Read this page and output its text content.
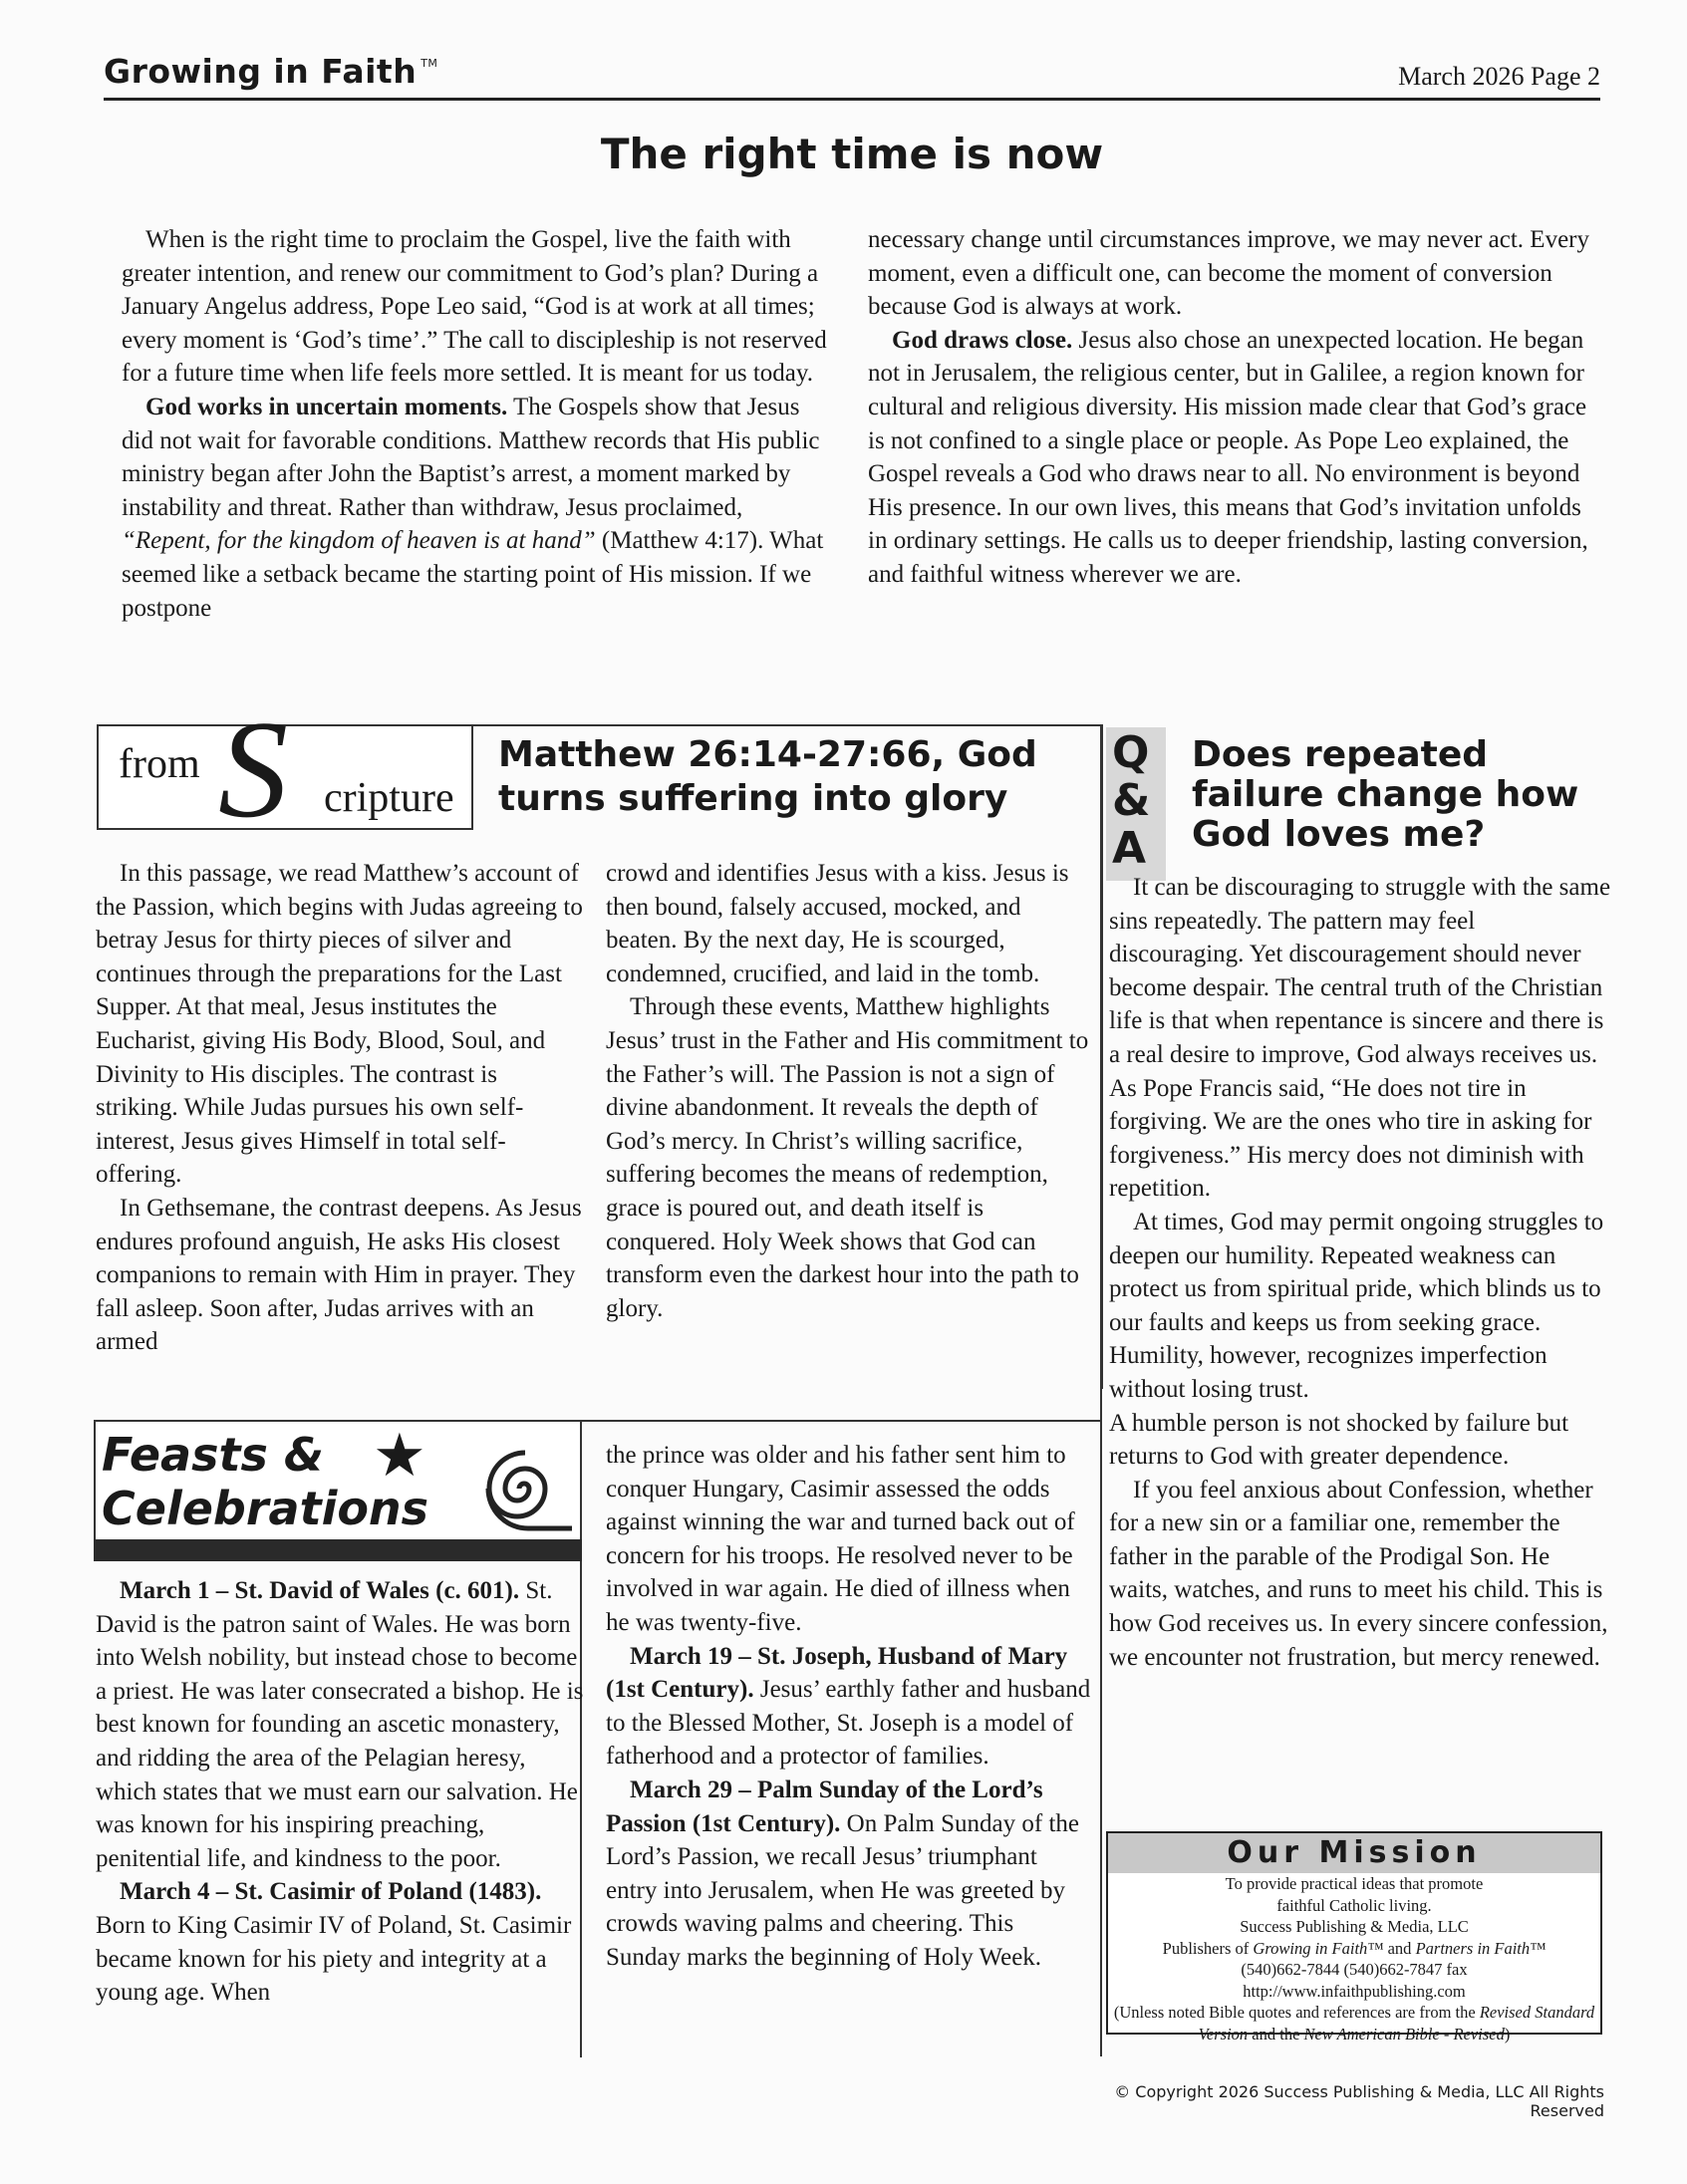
Growing in Faith ™	March 2026 Page 2
The right time is now

When is the right time to proclaim the Gospel, live the faith with greater intention, and renew our commitment to God’s plan? During a January Angelus address, Pope Leo said, “God is at work at all times; every moment is ‘God’s time’.” The call to discipleship is not reserved for a future time when life feels more settled. It is meant for us today.

God works in uncertain moments. The Gospels show that Jesus did not wait for favorable conditions. Matthew records that His public ministry began after John the Baptist’s arrest, a moment marked by instability and threat. Rather than withdraw, Jesus proclaimed, “Repent, for the kingdom of heaven is at hand” (Matthew 4:17). What seemed like a setback became the starting point of His mission. If we postpone

necessary change until circumstances improve, we may never act. Every moment, even a difficult one, can become the moment of conversion because God is always at work.

God draws close. Jesus also chose an unexpected location. He began not in Jerusalem, the religious center, but in Galilee, a region known for cultural and religious diversity. His mission made clear that God’s grace is not confined to a single place or people. As Pope Leo explained, the Gospel reveals a God who draws near to all. No environment is beyond His presence. In our own lives, this means that God’s invitation unfolds in ordinary settings. He calls us to deeper friendship, lasting conversion, and faithful witness wherever we are.

from S cripture
Matthew 26:14-27:66, God turns suffering into glory

In this passage, we read Matthew’s account of the Passion, which begins with Judas agreeing to betray Jesus for thirty pieces of silver and continues through the preparations for the Last Supper. At that meal, Jesus institutes the Eucharist, giving His Body, Blood, Soul, and Divinity to His disciples. The contrast is striking. While Judas pursues his own self-interest, Jesus gives Himself in total self-offering.

In Gethsemane, the contrast deepens. As Jesus endures profound anguish, He asks His closest companions to remain with Him in prayer. They fall asleep. Soon after, Judas arrives with an armed

crowd and identifies Jesus with a kiss. Jesus is then bound, falsely accused, mocked, and beaten. By the next day, He is scourged, condemned, crucified, and laid in the tomb.

Through these events, Matthew highlights Jesus’ trust in the Father and His commitment to the Father’s will. The Passion is not a sign of divine abandonment. It reveals the depth of God’s mercy. In Christ’s willing sacrifice, suffering becomes the means of redemption, grace is poured out, and death itself is conquered. Holy Week shows that God can transform even the darkest hour into the path to glory.

Q
&
A
Does repeated failure change how God loves me?

It can be discouraging to struggle with the same sins repeatedly. The pattern may feel discouraging. Yet discouragement should never become despair. The central truth of the Christian life is that when repentance is sincere and there is a real desire to improve, God always receives us. As Pope Francis said, “He does not tire in forgiving. We are the ones who tire in asking for forgiveness.” His mercy does not diminish with repetition.

At times, God may permit ongoing struggles to deepen our humility. Repeated weakness can protect us from spiritual pride, which blinds us to our faults and keeps us from seeking grace. Humility, however, recognizes imperfection without losing trust.

A humble person is not shocked by failure but returns to God with greater dependence.

If you feel anxious about Confession, whether for a new sin or a familiar one, remember the father in the parable of the Prodigal Son. He waits, watches, and runs to meet his child. This is how God receives us. In every sincere confession, we encounter not frustration, but mercy renewed.

Feasts & ★
Celebrations

March 1 – St. David of Wales (c. 601). St. David is the patron saint of Wales. He was born into Welsh nobility, but instead chose to become a priest. He was later consecrated a bishop. He is best known for founding an ascetic monastery, and ridding the area of the Pelagian heresy, which states that we must earn our salvation. He was known for his inspiring preaching, penitential life, and kindness to the poor.

March 4 – St. Casimir of Poland (1483). Born to King Casimir IV of Poland, St. Casimir became known for his piety and integrity at a young age. When

the prince was older and his father sent him to conquer Hungary, Casimir assessed the odds against winning the war and turned back out of concern for his troops. He resolved never to be involved in war again. He died of illness when he was twenty-five.

March 19 – St. Joseph, Husband of Mary (1st Century). Jesus’ earthly father and husband to the Blessed Mother, St. Joseph is a model of fatherhood and a protector of families.

March 29 – Palm Sunday of the Lord’s Passion (1st Century). On Palm Sunday of the Lord’s Passion, we recall Jesus’ triumphant entry into Jerusalem, when He was greeted by crowds waving palms and cheering. This Sunday marks the beginning of Holy Week.

Our Mission
To provide practical ideas that promote
faithful Catholic living.
Success Publishing & Media, LLC
Publishers of Growing in Faith™ and Partners in Faith™
(540)662-7844 (540)662-7847 fax
http://www.infaithpublishing.com
(Unless noted Bible quotes and references are from the Revised Standard Version and the New American Bible - Revised)
© Copyright 2026 Success Publishing & Media, LLC All Rights Reserved
